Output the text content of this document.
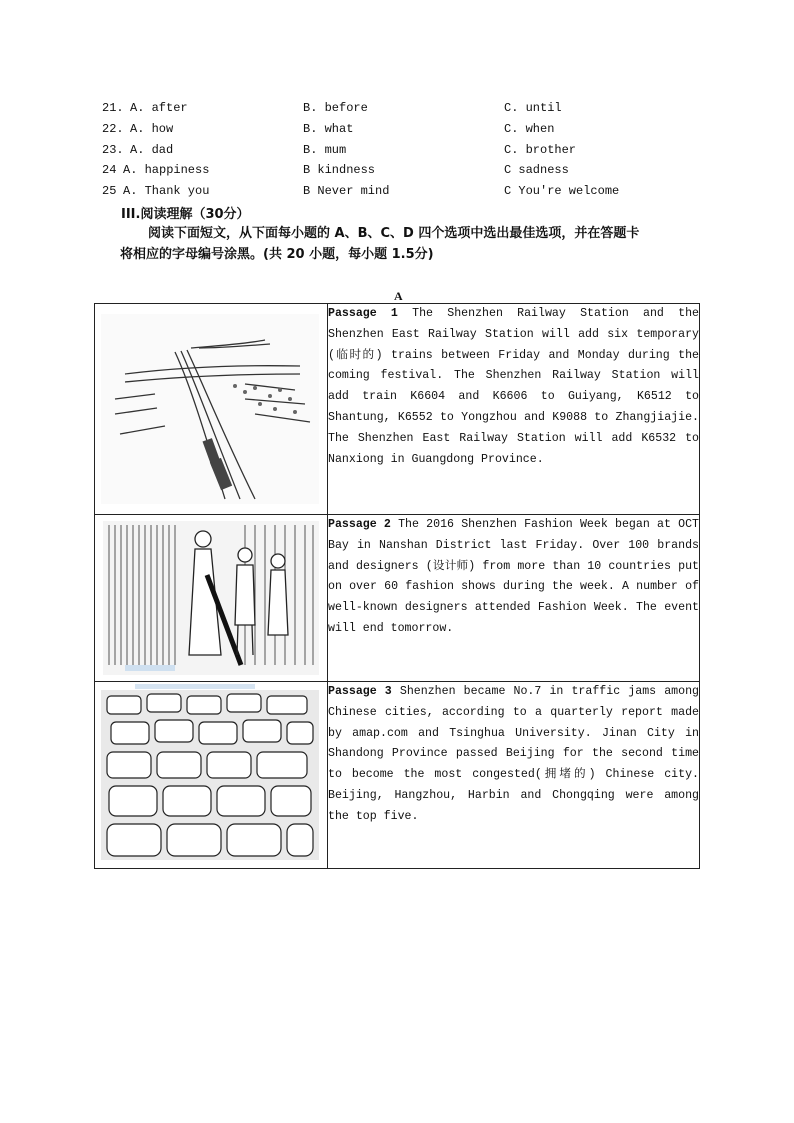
21. A. after	B. before	C. until
22. A. how	B. what	C. when
23. A. dad	B. mum	C. brother
24 A. happiness	B kindness	C sadness
25 A. Thank you	B Never mind	C You're welcome
III.阅读理解（30分）
阅读下面短文，从下面每小题的 A、B、C、D 四个选项中选出最佳选项，并在答题卡
将相应的字母编号涂黑。(共 20 小题，每小题 1.5分)
A
	Passage 1 The Shenzhen Railway Station and the Shenzhen East Railway Station will add six temporary (临时的) trains between Friday and Monday during the coming festival. The Shenzhen Railway Station will add train K6604 and K6606 to Guiyang, K6512 to Shantung, K6552 to Yongzhou and K9088 to Zhangjiajie. The Shenzhen East Railway Station will add K6532 to Nanxiong in Guangdong Province.

	Passage 2 The 2016 Shenzhen Fashion Week began at OCT Bay in Nanshan District last Friday. Over 100 brands and designers (设计师) from more than 10 countries put on over 60 fashion shows during the week. A number of well-known designers attended Fashion Week. The event will end tomorrow.

	Passage 3 Shenzhen became No.7 in traffic jams among Chinese cities, according to a quarterly report made by amap.com and Tsinghua University. Jinan City in Shandong Province passed Beijing for the second time to become the most congested(拥堵的) Chinese city. Beijing, Hangzhou, Harbin and Chongqing were among the top five.
